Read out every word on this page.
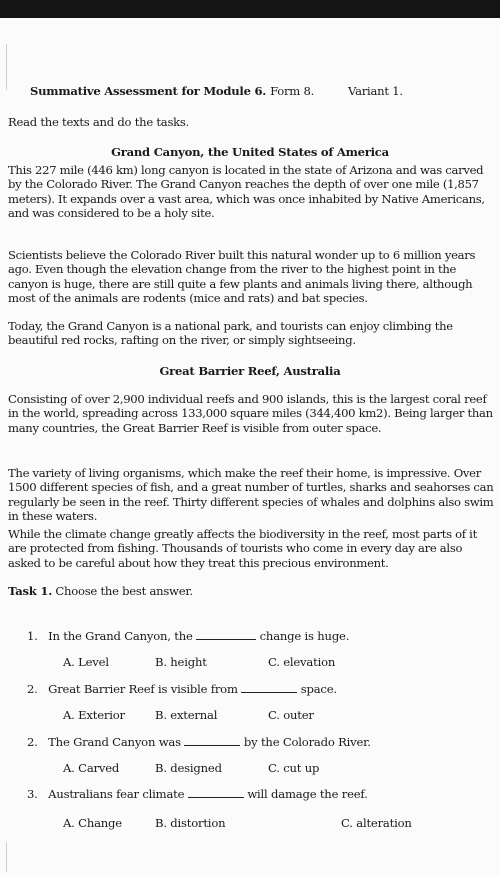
Summative Assessment for Module 6. Form 8.	Variant 1.
Read the texts and do the tasks.
Grand Canyon, the United States of America

This 227 mile (446 km) long canyon is located in the state of Arizona and was carved by the Colorado River. The Grand Canyon reaches the depth of over one mile (1,857 meters). It expands over a vast area, which was once inhabited by Native Americans, and was considered to be a holy site.

Scientists believe the Colorado River built this natural wonder up to 6 million years ago. Even though the elevation change from the river to the highest point in the canyon is huge, there are still quite a few plants and animals living there, although most of the animals are rodents (mice and rats) and bat species.

Today, the Grand Canyon is a national park, and tourists can enjoy climbing the beautiful red rocks, rafting on the river, or simply sightseeing.

Great Barrier Reef, Australia

Consisting of over 2,900 individual reefs and 900 islands, this is the largest coral reef in the world, spreading across 133,000 square miles (344,400 km2). Being larger than many countries, the Great Barrier Reef is visible from outer space.

The variety of living organisms, which make the reef their home, is impressive. Over 1500 different species of fish, and a great number of turtles, sharks and seahorses can regularly be seen in the reef. Thirty different species of whales and dolphins also swim in these waters.

While the climate change greatly affects the biodiversity in the reef, most parts of it are protected from fishing. Thousands of tourists who come in every day are also asked to be careful about how they treat this precious environment.

Task 1. Choose the best answer.
1. In the Grand Canyon, the	change is huge.
A. Level	B. height	C. elevation
2. Great Barrier Reef is visible from	space.
A. Exterior	B. external	C. outer
2. The Grand Canyon was	by the Colorado River.
A. Carved	B. designed	C. cut up
3. Australians fear climate	will damage the reef.
A. Change	B. distortion	C. alteration
